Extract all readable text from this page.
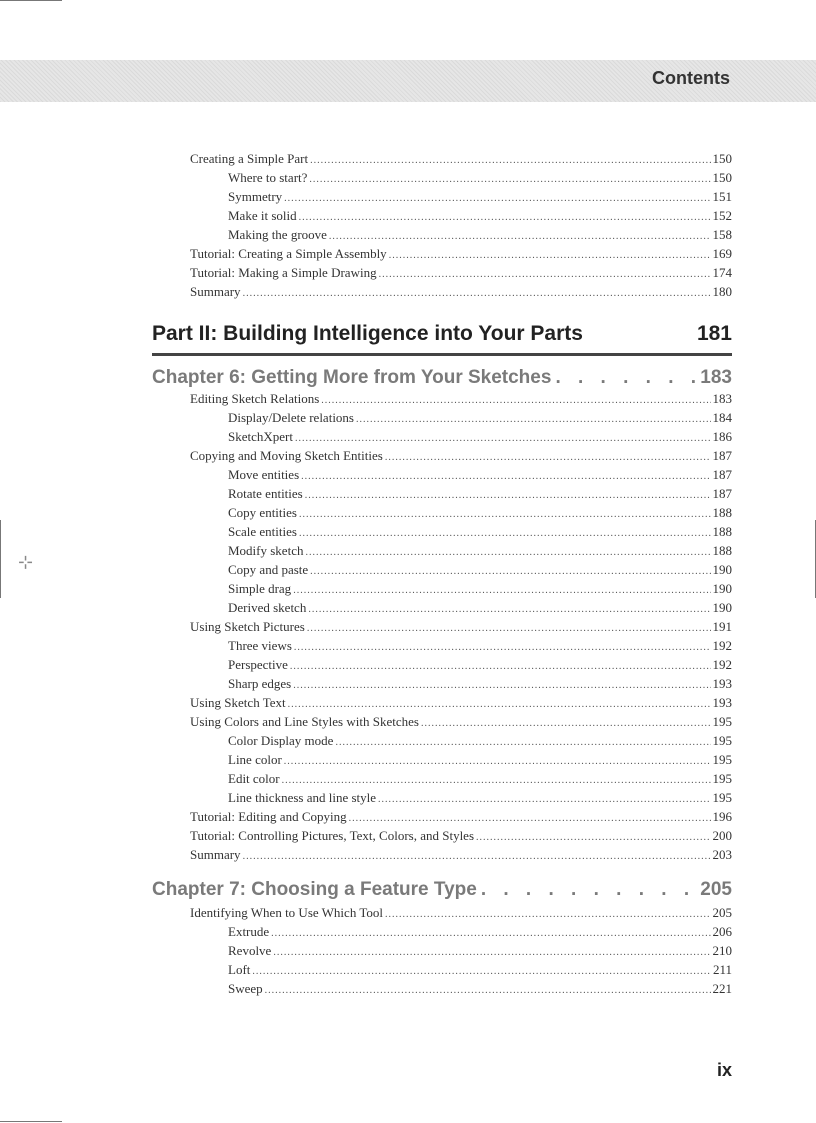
⊹
Contents
Creating a Simple Part .....	150
Where to start? .....	150
Symmetry .....	151
Make it solid .....	152
Making the groove .....	158
Tutorial: Creating a Simple Assembly .....	169
Tutorial: Making a Simple Drawing .....	174
Summary .....	180
Part II: Building Intelligence into Your Parts	181
Chapter 6: Getting More from Your Sketches . . .	183
Editing Sketch Relations .....	183
Display/Delete relations .....	184
SketchXpert .....	186
Copying and Moving Sketch Entities .....	187
Move entities .....	187
Rotate entities .....	187
Copy entities .....	188
Scale entities .....	188
Modify sketch .....	188
Copy and paste .....	190
Simple drag .....	190
Derived sketch .....	190
Using Sketch Pictures .....	191
Three views .....	192
Perspective .....	192
Sharp edges .....	193
Using Sketch Text .....	193
Using Colors and Line Styles with Sketches .....	195
Color Display mode .....	195
Line color .....	195
Edit color .....	195
Line thickness and line style .....	195
Tutorial: Editing and Copying .....	196
Tutorial: Controlling Pictures, Text, Colors, and Styles .....	200
Summary .....	203
Chapter 7: Choosing a Feature Type . . .	205
Identifying When to Use Which Tool .....	205
Extrude .....	206
Revolve .....	210
Loft .....	211
Sweep .....	221
ix
